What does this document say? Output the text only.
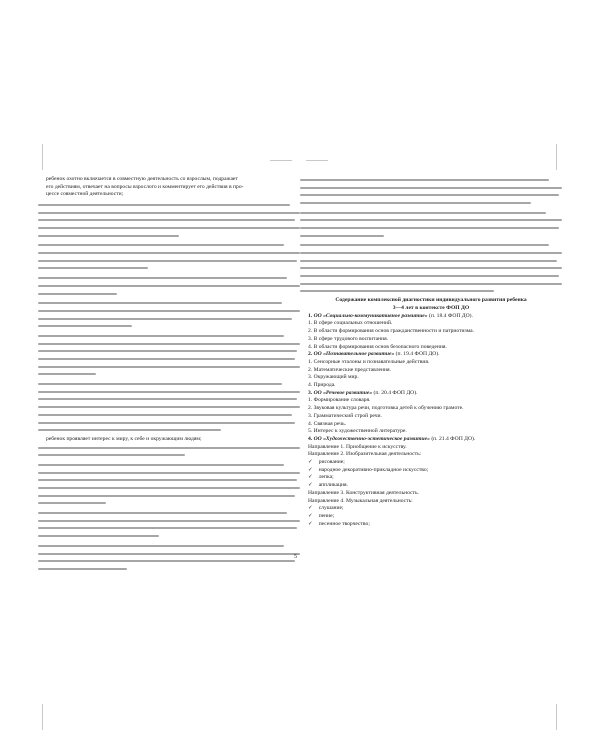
ребенок охотно включается в совместную деятельность со взрослым, подражает
его действиям, отвечает на вопросы взрослого и комментирует его действия в про-
цессе совместной деятельности;
ребенок проявляет интерес к миру, к себе и окружающим людям;
Содержание комплексной диагностики индивидуального развития ребенка
3—4 лет в контексте ФОП ДО
1. ОО «Социально-коммуникативное развитие» (п. 18.4 ФОП ДО).
1. В сфере социальных отношений.
2. В области формирования основ гражданственности и патриотизма.
3. В сфере трудового воспитания.
4. В области формирования основ безопасного поведения.
2. ОО «Познавательное развитие» (п. 19.4 ФОП ДО).
1. Сенсорные эталоны и познавательные действия.
2. Математические представления.
3. Окружающий мир.
4. Природа.
3. ОО «Речевое развитие» (п. 20.4 ФОП ДО).
1. Формирование словаря.
2. Звуковая культура речи, подготовка детей к обучению грамоте.
3. Грамматический строй речи.
4. Связная речь.
5. Интерес к художественной литературе.
4. ОО «Художественно-эстетическое развитие» (п. 21.4 ФОП ДО).
Направление 1. Приобщение к искусству.
Направление 2. Изобразительная деятельность:
✓ рисование;
✓ народное декоративно-прикладное искусство;
✓ лепка;
✓ аппликация.
Направление 3. Конструктивная деятельность.
Направление 4. Музыкальная деятельность:
✓ слушание;
✓ пение;
✓ песенное творчество;
5
